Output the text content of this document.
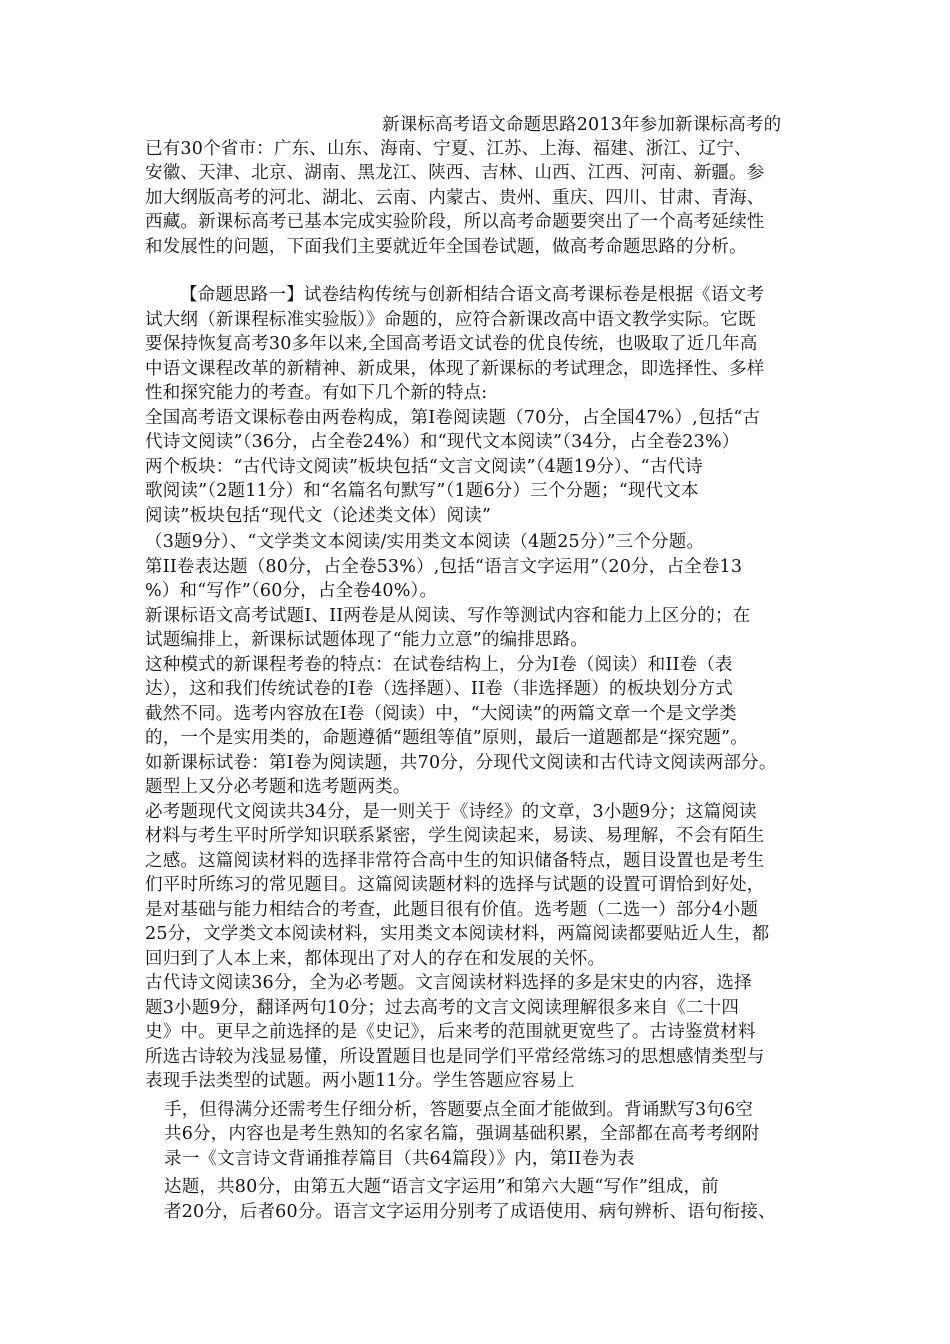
新课标高考语文命题思路2013年参加新课标高考的
已有30个省市：广东、山东、海南、宁夏、江苏、上海、福建、浙江、辽宁、
安徽、天津、北京、湖南、黑龙江、陕西、吉林、山西、江西、河南、新疆。参
加大纲版高考的河北、湖北、云南、内蒙古、贵州、重庆、四川、甘肃、青海、
西藏。新课标高考已基本完成实验阶段，所以高考命题要突出了一个高考延续性
和发展性的问题，下面我们主要就近年全国卷试题，做高考命题思路的分析。
【命题思路一】试卷结构传统与创新相结合语文高考课标卷是根据《语文考
试大纲（新课程标准实验版）》命题的，应符合新课改高中语文教学实际。它既
要保持恢复高考30多年以来,全国高考语文试卷的优良传统，也吸取了近几年高
中语文课程改革的新精神、新成果，体现了新课标的考试理念，即选择性、多样
性和探究能力的考查。有如下几个新的特点:
全国高考语文课标卷由两卷构成，第I卷阅读题（70分，占全国47%）,包括“古
代诗文阅读”（36分，占全卷24%）和“现代文本阅读”（34分，占全卷23%）
两个板块：“古代诗文阅读”板块包括“文言文阅读”（4题19分）、“古代诗
歌阅读”（2题11分）和“名篇名句默写”（1题6分）三个分题；“现代文本
阅读”板块包括“现代文（论述类文体）阅读”
（3题9分）、“文学类文本阅读/实用类文本阅读（4题25分）”三个分题。
第II卷表达题（80分，占全卷53%）,包括“语言文字运用”（20分，占全卷13
%）和“写作”（60分，占全卷40%）。
新课标语文高考试题I、II两卷是从阅读、写作等测试内容和能力上区分的；在
试题编排上，新课标试题体现了“能力立意”的编排思路。
这种模式的新课程考卷的特点：在试卷结构上，分为I卷（阅读）和II卷（表
达），这和我们传统试卷的I卷（选择题）、II卷（非选择题）的板块划分方式
截然不同。选考内容放在I卷（阅读）中，“大阅读”的两篇文章一个是文学类
的，一个是实用类的，命题遵循“题组等值”原则，最后一道题都是“探究题”。
如新课标试卷：第I卷为阅读题，共70分，分现代文阅读和古代诗文阅读两部分。
题型上又分必考题和选考题两类。
必考题现代文阅读共34分，是一则关于《诗经》的文章，3小题9分；这篇阅读
材料与考生平时所学知识联系紧密，学生阅读起来，易读、易理解，不会有陌生
之感。这篇阅读材料的选择非常符合高中生的知识储备特点，题目设置也是考生
们平时所练习的常见题目。这篇阅读题材料的选择与试题的设置可谓恰到好处，
是对基础与能力相结合的考查，此题目很有价值。选考题（二选一）部分4小题
25分，文学类文本阅读材料，实用类文本阅读材料，两篇阅读都要贴近人生，都
回归到了人本上来，都体现出了对人的存在和发展的关怀。
古代诗文阅读36分，全为必考题。文言阅读材料选择的多是宋史的内容，选择
题3小题9分，翻译两句10分；过去高考的文言文阅读理解很多来自《二十四
史》中。更早之前选择的是《史记》，后来考的范围就更宽些了。古诗鉴赏材料
所选古诗较为浅显易懂，所设置题目也是同学们平常经常练习的思想感情类型与
表现手法类型的试题。两小题11分。学生答题应容易上
手，但得满分还需考生仔细分析，答题要点全面才能做到。背诵默写3句6空
共6分，内容也是考生熟知的名家名篇，强调基础积累，全部都在高考考纲附
录一《文言诗文背诵推荐篇目（共64篇段）》内，第II卷为表
达题，共80分，由第五大题“语言文字运用”和第六大题“写作”组成，前
者20分，后者60分。语言文字运用分别考了成语使用、病句辨析、语句衔接、
